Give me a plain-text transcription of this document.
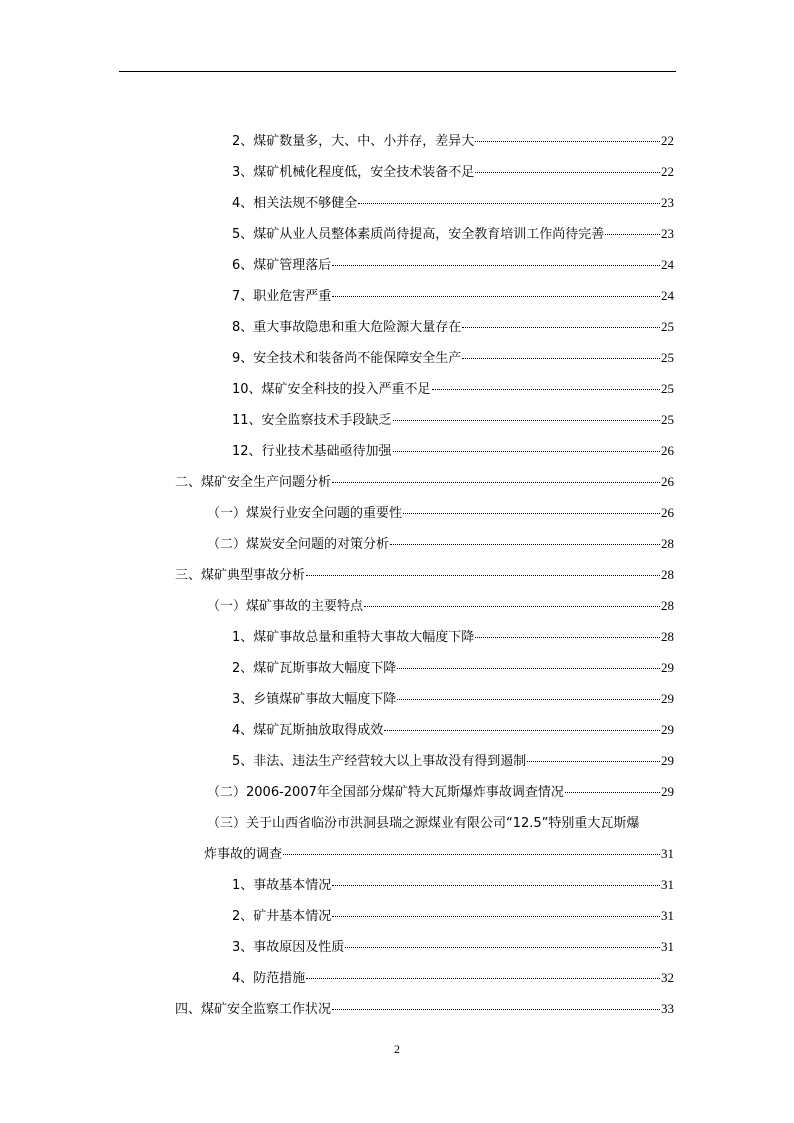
2、煤矿数量多，大、中、小并存，差异大	22
3、煤矿机械化程度低，安全技术装备不足	22
4、相关法规不够健全	23
5、煤矿从业人员整体素质尚待提高，安全教育培训工作尚待完善	23
6、煤矿管理落后	24
7、职业危害严重	24
8、重大事故隐患和重大危险源大量存在	25
9、安全技术和装备尚不能保障安全生产	25
10、煤矿安全科技的投入严重不足	25
11、安全监察技术手段缺乏	25
12、行业技术基础亟待加强	26
二、煤矿安全生产问题分析	26
（一）煤炭行业安全问题的重要性	26
（二）煤炭安全问题的对策分析	28
三、煤矿典型事故分析	28
（一）煤矿事故的主要特点	28
1、煤矿事故总量和重特大事故大幅度下降	28
2、煤矿瓦斯事故大幅度下降	29
3、乡镇煤矿事故大幅度下降	29
4、煤矿瓦斯抽放取得成效	29
5、非法、违法生产经营较大以上事故没有得到遏制	29
（二）2006-2007年全国部分煤矿特大瓦斯爆炸事故调查情况	29
（三）关于山西省临汾市洪洞县瑞之源煤业有限公司“12.5”特别重大瓦斯爆
炸事故的调查	31
1、事故基本情况	31
2、矿井基本情况	31
3、事故原因及性质	31
4、防范措施	32
四、煤矿安全监察工作状况	33
2
